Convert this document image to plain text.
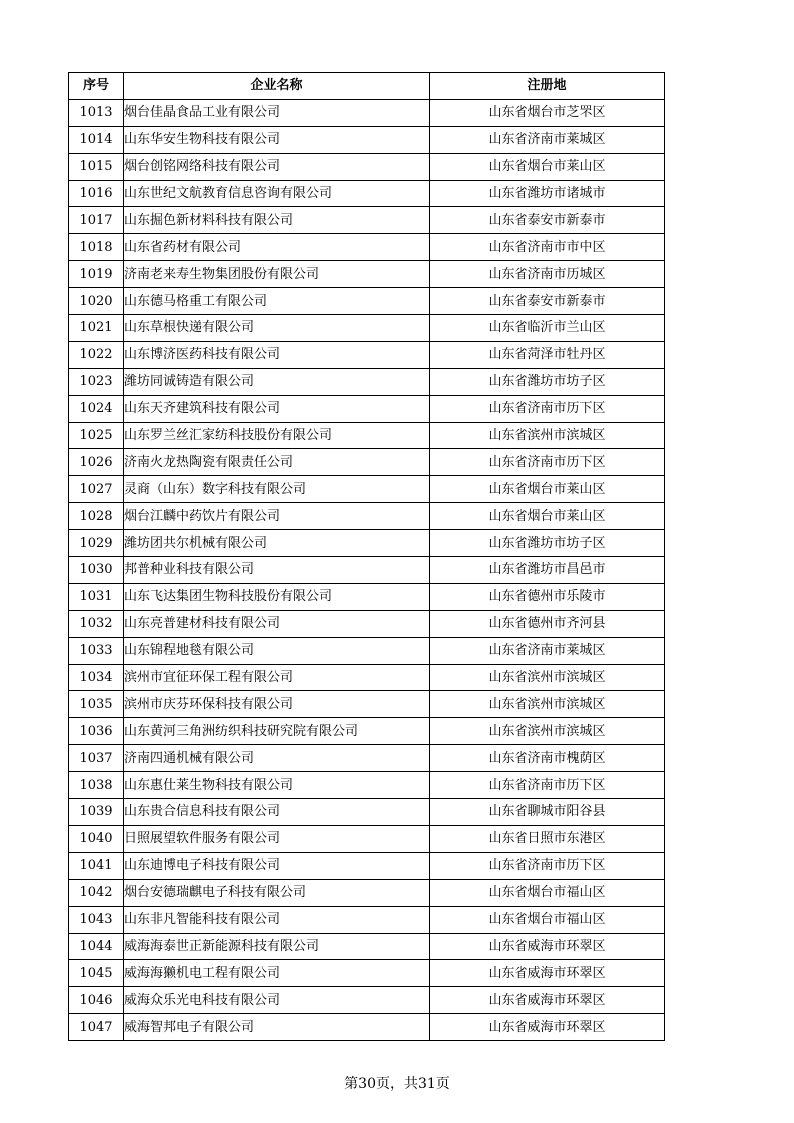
序号	企业名称	注册地
1013	烟台佳晶食品工业有限公司	山东省烟台市芝罘区
1014	山东华安生物科技有限公司	山东省济南市莱城区
1015	烟台创铭网络科技有限公司	山东省烟台市莱山区
1016	山东世纪文航教育信息咨询有限公司	山东省潍坊市诸城市
1017	山东掘色新材料科技有限公司	山东省泰安市新泰市
1018	山东省药材有限公司	山东省济南市市中区
1019	济南老来寿生物集团股份有限公司	山东省济南市历城区
1020	山东德马格重工有限公司	山东省泰安市新泰市
1021	山东草根快递有限公司	山东省临沂市兰山区
1022	山东博济医药科技有限公司	山东省菏泽市牡丹区
1023	潍坊同诚铸造有限公司	山东省潍坊市坊子区
1024	山东天齐建筑科技有限公司	山东省济南市历下区
1025	山东罗兰丝汇家纺科技股份有限公司	山东省滨州市滨城区
1026	济南火龙热陶瓷有限责任公司	山东省济南市历下区
1027	灵商（山东）数字科技有限公司	山东省烟台市莱山区
1028	烟台江麟中药饮片有限公司	山东省烟台市莱山区
1029	潍坊团共尔机械有限公司	山东省潍坊市坊子区
1030	邦普种业科技有限公司	山东省潍坊市昌邑市
1031	山东飞达集团生物科技股份有限公司	山东省德州市乐陵市
1032	山东亮普建材科技有限公司	山东省德州市齐河县
1033	山东锦程地毯有限公司	山东省济南市莱城区
1034	滨州市宜征环保工程有限公司	山东省滨州市滨城区
1035	滨州市庆芬环保科技有限公司	山东省滨州市滨城区
1036	山东黄河三角洲纺织科技研究院有限公司	山东省滨州市滨城区
1037	济南四通机械有限公司	山东省济南市槐荫区
1038	山东惠仕莱生物科技有限公司	山东省济南市历下区
1039	山东贵合信息科技有限公司	山东省聊城市阳谷县
1040	日照展望软件服务有限公司	山东省日照市东港区
1041	山东迪博电子科技有限公司	山东省济南市历下区
1042	烟台安德瑞麒电子科技有限公司	山东省烟台市福山区
1043	山东非凡智能科技有限公司	山东省烟台市福山区
1044	威海海泰世正新能源科技有限公司	山东省威海市环翠区
1045	威海海獭机电工程有限公司	山东省威海市环翠区
1046	威海众乐光电科技有限公司	山东省威海市环翠区
1047	威海智邦电子有限公司	山东省威海市环翠区
第30页，共31页
